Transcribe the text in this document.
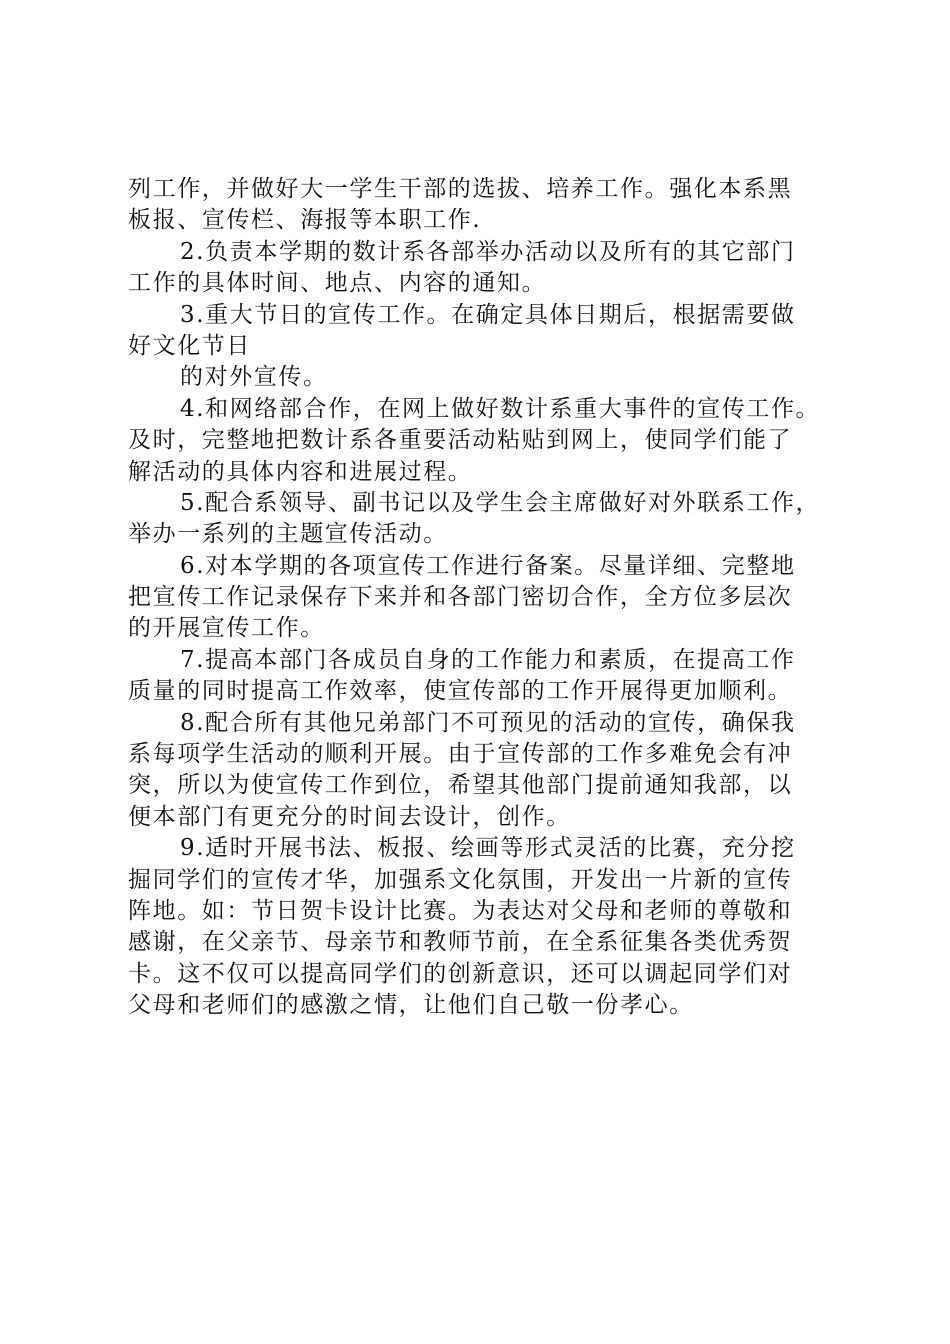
列工作，并做好大一学生干部的选拔、培养工作。强化本系黑
板报、宣传栏、海报等本职工作.
2.负责本学期的数计系各部举办活动以及所有的其它部门
工作的具体时间、地点、内容的通知。
3.重大节日的宣传工作。在确定具体日期后，根据需要做
好文化节日
的对外宣传。
4.和网络部合作，在网上做好数计系重大事件的宣传工作。
及时，完整地把数计系各重要活动粘贴到网上，使同学们能了
解活动的具体内容和进展过程。
5.配合系领导、副书记以及学生会主席做好对外联系工作，
举办一系列的主题宣传活动。
6.对本学期的各项宣传工作进行备案。尽量详细、完整地
把宣传工作记录保存下来并和各部门密切合作，全方位多层次
的开展宣传工作。
7.提高本部门各成员自身的工作能力和素质，在提高工作
质量的同时提高工作效率，使宣传部的工作开展得更加顺利。
8.配合所有其他兄弟部门不可预见的活动的宣传，确保我
系每项学生活动的顺利开展。由于宣传部的工作多难免会有冲
突，所以为使宣传工作到位，希望其他部门提前通知我部，以
便本部门有更充分的时间去设计，创作。
9.适时开展书法、板报、绘画等形式灵活的比赛，充分挖
掘同学们的宣传才华，加强系文化氛围，开发出一片新的宣传
阵地。如：节日贺卡设计比赛。为表达对父母和老师的尊敬和
感谢，在父亲节、母亲节和教师节前，在全系征集各类优秀贺
卡。这不仅可以提高同学们的创新意识，还可以调起同学们对
父母和老师们的感激之情，让他们自己敬一份孝心。
